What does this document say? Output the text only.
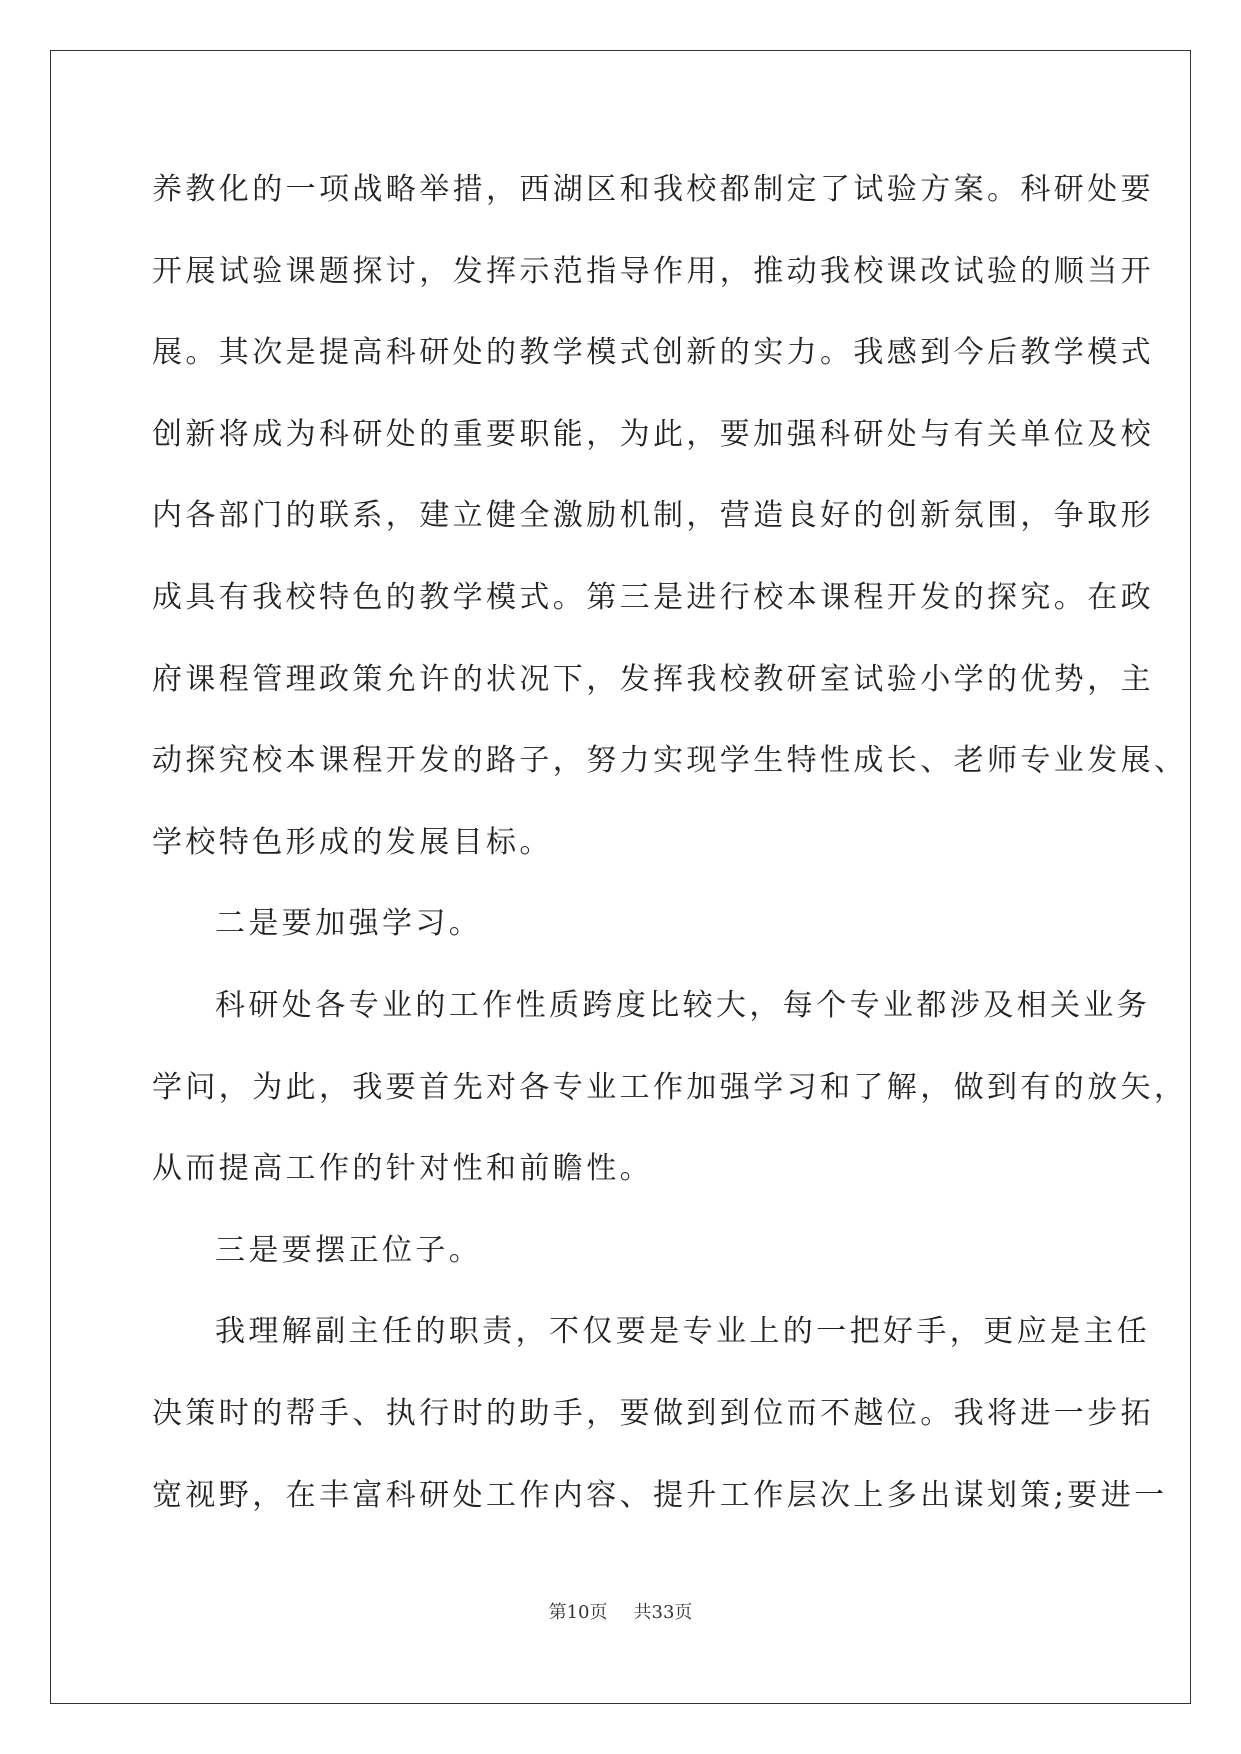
养教化的一项战略举措，西湖区和我校都制定了试验方案。科研处要
开展试验课题探讨，发挥示范指导作用，推动我校课改试验的顺当开
展。其次是提高科研处的教学模式创新的实力。我感到今后教学模式
创新将成为科研处的重要职能，为此，要加强科研处与有关单位及校
内各部门的联系，建立健全激励机制，营造良好的创新氛围，争取形
成具有我校特色的教学模式。第三是进行校本课程开发的探究。在政
府课程管理政策允许的状况下，发挥我校教研室试验小学的优势，主
动探究校本课程开发的路子，努力实现学生特性成长、老师专业发展、
学校特色形成的发展目标。
二是要加强学习。
科研处各专业的工作性质跨度比较大，每个专业都涉及相关业务
学问，为此，我要首先对各专业工作加强学习和了解，做到有的放矢，
从而提高工作的针对性和前瞻性。
三是要摆正位子。
我理解副主任的职责，不仅要是专业上的一把好手，更应是主任
决策时的帮手、执行时的助手，要做到到位而不越位。我将进一步拓
宽视野，在丰富科研处工作内容、提升工作层次上多出谋划策;要进一
第10页 共33页
